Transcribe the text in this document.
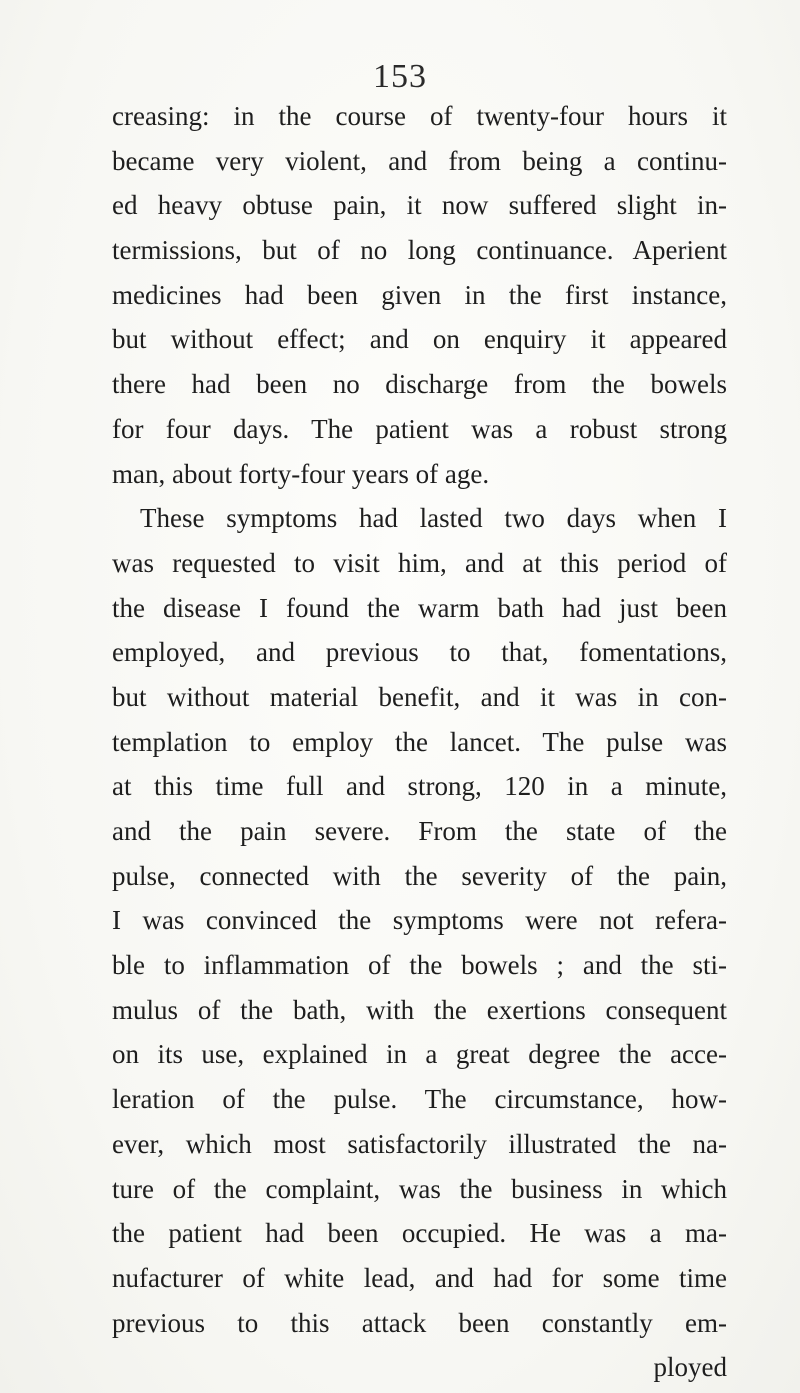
153
creasing: in the course of twenty-four hours it
became very violent, and from being a continu-
ed heavy obtuse pain, it now suffered slight in-
termissions, but of no long continuance. Aperient
medicines had been given in the first instance,
but without effect; and on enquiry it appeared
there had been no discharge from the bowels
for four days. The patient was a robust strong
man, about forty-four years of age.
These symptoms had lasted two days when I
was requested to visit him, and at this period of
the disease I found the warm bath had just been
employed, and previous to that, fomentations,
but without material benefit, and it was in con-
templation to employ the lancet. The pulse was
at this time full and strong, 120 in a minute,
and the pain severe. From the state of the
pulse, connected with the severity of the pain,
I was convinced the symptoms were not refera-
ble to inflammation of the bowels ; and the sti-
mulus of the bath, with the exertions consequent
on its use, explained in a great degree the acce-
leration of the pulse. The circumstance, how-
ever, which most satisfactorily illustrated the na-
ture of the complaint, was the business in which
the patient had been occupied. He was a ma-
nufacturer of white lead, and had for some time
previous to this attack been constantly em-
ployed
